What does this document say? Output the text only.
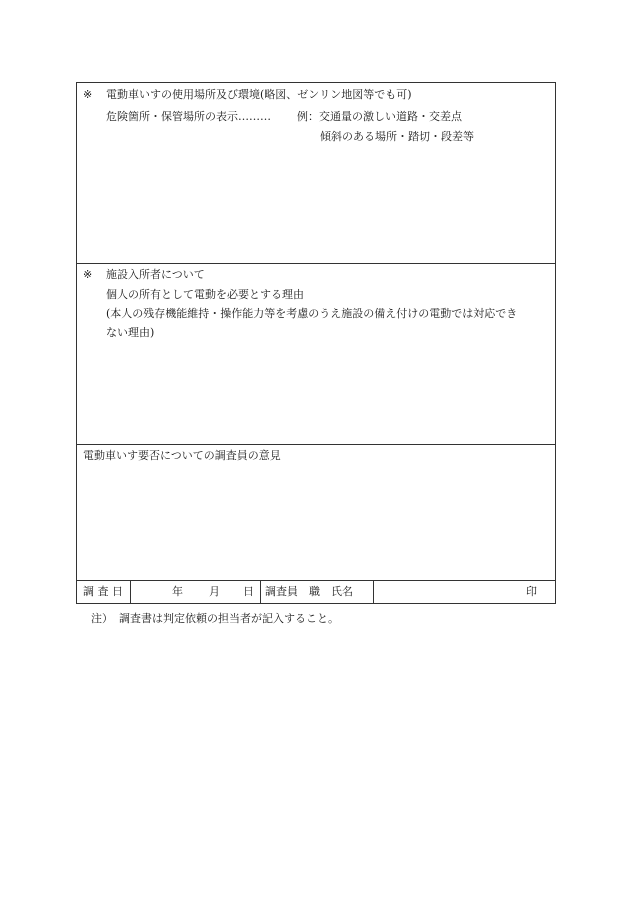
※ 電動車いすの使用場所及び環境(略図、ゼンリン地図等でも可)
危険箇所・保管場所の表示……… 例：交通量の激しい道路・交差点
傾斜のある場所・踏切・段差等
※ 施設入所者について
個人の所有として電動を必要とする理由
(本人の残存機能維持・操作能力等を考慮のうえ施設の備え付けの電動では対応でき
ない理由)
電動車いす要否についての調査員の意見
調 査 日	年 月 日 調査員　職　氏名	印
注） 調査書は判定依頼の担当者が記入すること。
